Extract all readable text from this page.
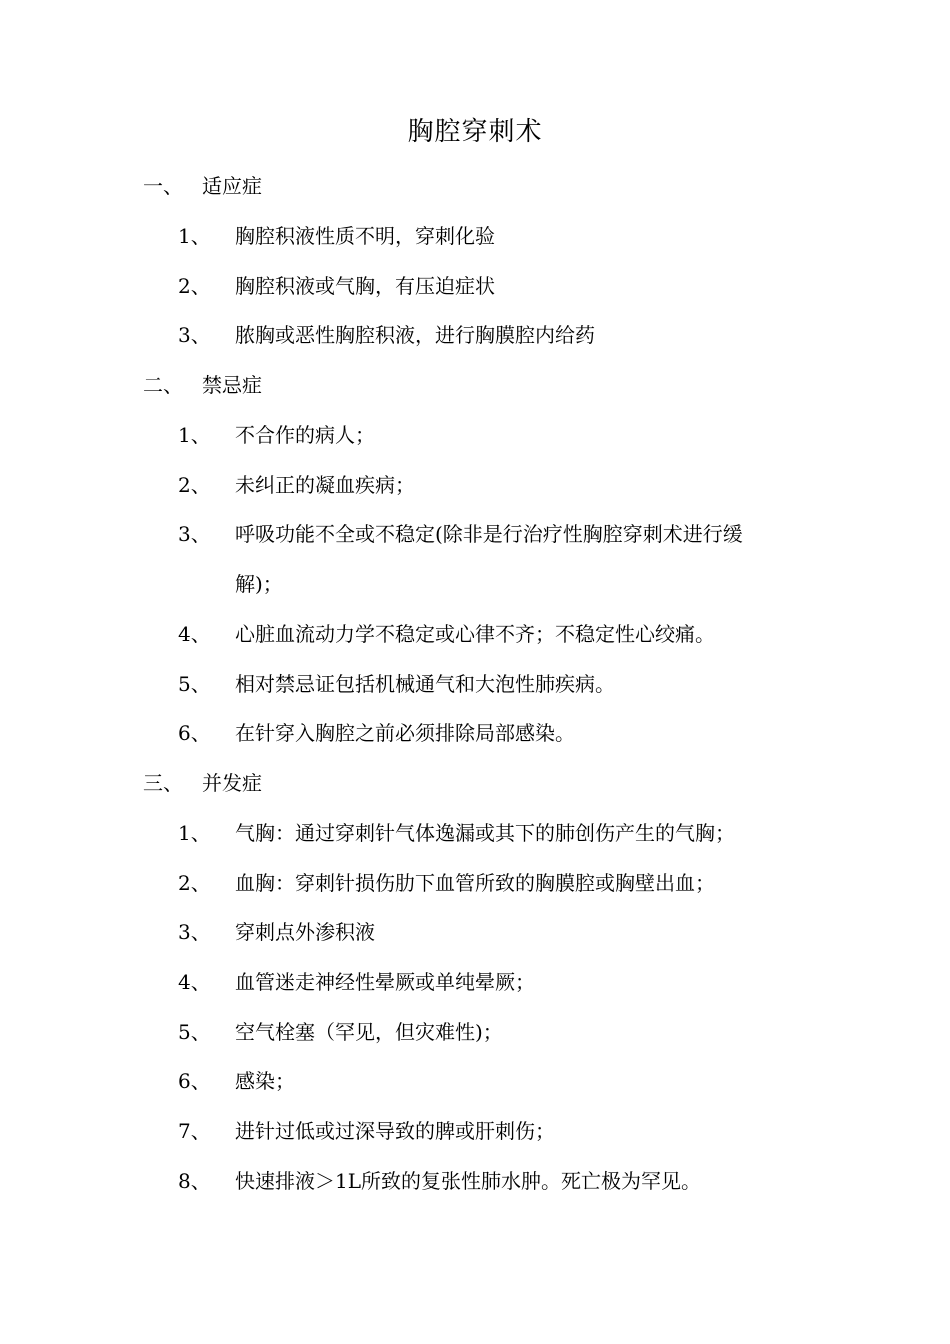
胸腔穿刺术
一、 适应症
1、 胸腔积液性质不明，穿刺化验
2、 胸腔积液或气胸，有压迫症状
3、 脓胸或恶性胸腔积液，进行胸膜腔内给药
二、 禁忌症
1、 不合作的病人；
2、 未纠正的凝血疾病；
3、 呼吸功能不全或不稳定(除非是行治疗性胸腔穿刺术进行缓
解)；
4、 心脏血流动力学不稳定或心律不齐；不稳定性心绞痛。
5、 相对禁忌证包括机械通气和大泡性肺疾病。
6、 在针穿入胸腔之前必须排除局部感染。
三、 并发症
1、 气胸：通过穿刺针气体逸漏或其下的肺创伤产生的气胸；
2、 血胸：穿刺针损伤肋下血管所致的胸膜腔或胸壁出血；
3、 穿刺点外渗积液
4、 血管迷走神经性晕厥或单纯晕厥；
5、 空气栓塞（罕见，但灾难性)；
6、 感染；
7、 进针过低或过深导致的脾或肝刺伤；
8、 快速排液＞1L所致的复张性肺水肿。死亡极为罕见。
